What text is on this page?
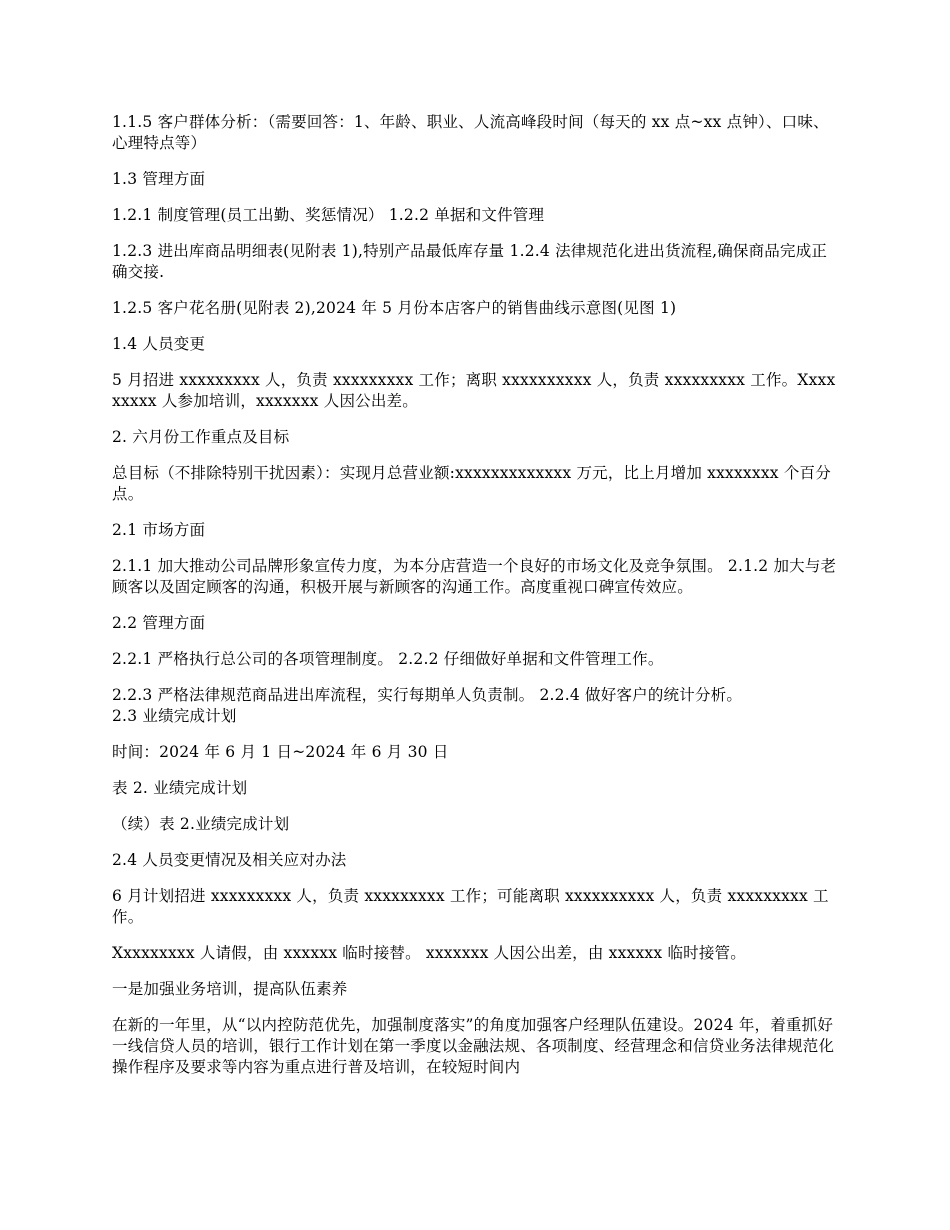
1.1.5 客户群体分析：（需要回答：1、年龄、职业、人流高峰段时间（每天的 xx 点~xx 点钟）、口味、心理特点等）

1.3 管理方面

1.2.1 制度管理(员工出勤、奖惩情况） 1.2.2 单据和文件管理

1.2.3 进出库商品明细表(见附表 1),特别产品最低库存量 1.2.4 法律规范化进出货流程,确保商品完成正确交接.

1.2.5 客户花名册(见附表 2),2024 年 5 月份本店客户的销售曲线示意图(见图 1)

1.4 人员变更

5 月招进 xxxxxxxxx 人，负责 xxxxxxxxx 工作；离职 xxxxxxxxxx 人，负责 xxxxxxxxx 工作。Xxxxxxxxx 人参加培训，xxxxxxx 人因公出差。

2. 六月份工作重点及目标

总目标（不排除特别干扰因素）：实现月总营业额:xxxxxxxxxxxxx 万元，比上月增加 xxxxxxxx 个百分点。

2.1 市场方面

2.1.1 加大推动公司品牌形象宣传力度，为本分店营造一个良好的市场文化及竞争氛围。 2.1.2 加大与老顾客以及固定顾客的沟通，积极开展与新顾客的沟通工作。高度重视口碑宣传效应。

2.2 管理方面

2.2.1 严格执行总公司的各项管理制度。 2.2.2 仔细做好单据和文件管理工作。

2.2.3 严格法律规范商品进出库流程，实行每期单人负责制。 2.2.4 做好客户的统计分析。

2.3 业绩完成计划

时间：2024 年 6 月 1 日~2024 年 6 月 30 日

表 2. 业绩完成计划

（续）表 2.业绩完成计划

2.4 人员变更情况及相关应对办法

6 月计划招进 xxxxxxxxx 人，负责 xxxxxxxxx 工作；可能离职 xxxxxxxxxx 人，负责 xxxxxxxxx 工作。

Xxxxxxxxx 人请假，由 xxxxxx 临时接替。 xxxxxxx 人因公出差，由 xxxxxx 临时接管。

一是加强业务培训，提高队伍素养

在新的一年里，从“以内控防范优先，加强制度落实”的角度加强客户经理队伍建设。2024 年，着重抓好一线信贷人员的培训，银行工作计划在第一季度以金融法规、各项制度、经营理念和信贷业务法律规范化操作程序及要求等内容为重点进行普及培训，在较短时间内
